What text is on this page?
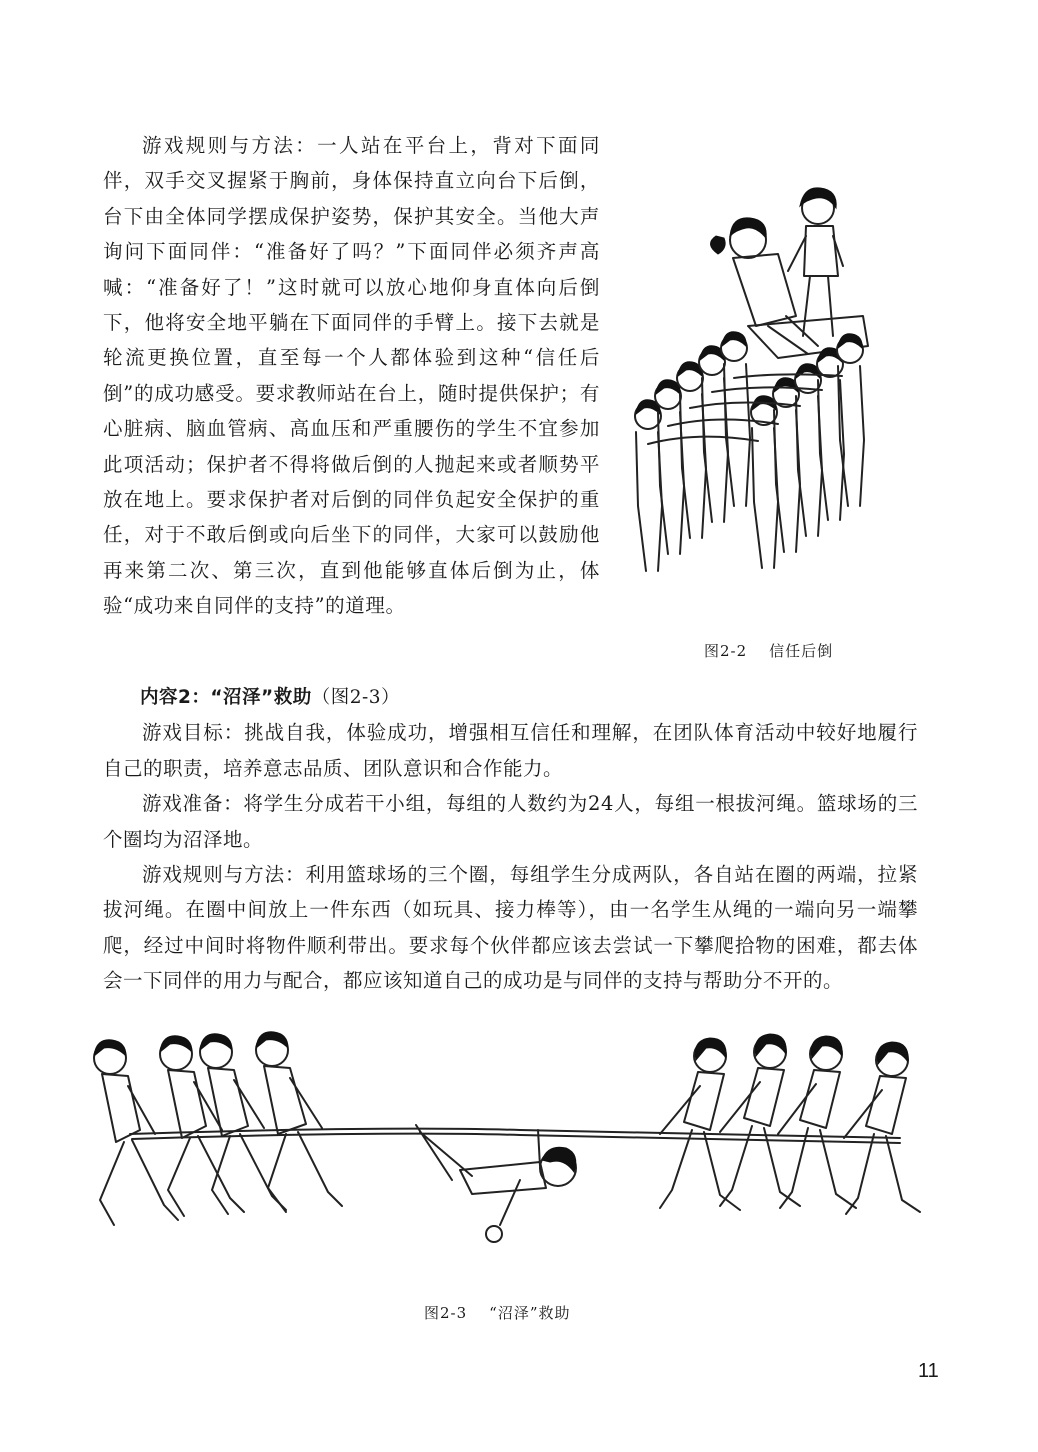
游戏规则与方法：一人站在平台上，背对下面同伴，双手交叉握紧于胸前，身体保持直立向台下后倒，台下由全体同学摆成保护姿势，保护其安全。当他大声询问下面同伴：“准备好了吗？”下面同伴必须齐声高喊：“准备好了！”这时就可以放心地仰身直体向后倒下，他将安全地平躺在下面同伴的手臂上。接下去就是轮流更换位置，直至每一个人都体验到这种“信任后倒”的成功感受。要求教师站在台上，随时提供保护；有心脏病、脑血管病、高血压和严重腰伤的学生不宜参加此项活动；保护者不得将做后倒的人抛起来或者顺势平放在地上。要求保护者对后倒的同伴负起安全保护的重任，对于不敢后倒或向后坐下的同伴，大家可以鼓励他再来第二次、第三次，直到他能够直体后倒为止，体验“成功来自同伴的支持”的道理。

图2-2 信任后倒

内容2：“沼泽”救助（图2-3）

游戏目标：挑战自我，体验成功，增强相互信任和理解，在团队体育活动中较好地履行自己的职责，培养意志品质、团队意识和合作能力。

游戏准备：将学生分成若干小组，每组的人数约为24人，每组一根拔河绳。篮球场的三个圈均为沼泽地。

游戏规则与方法：利用篮球场的三个圈，每组学生分成两队，各自站在圈的两端，拉紧拔河绳。在圈中间放上一件东西（如玩具、接力棒等），由一名学生从绳的一端向另一端攀爬，经过中间时将物件顺利带出。要求每个伙伴都应该去尝试一下攀爬拾物的困难，都去体会一下同伴的用力与配合，都应该知道自己的成功是与同伴的支持与帮助分不开的。

图2-3 “沼泽”救助
11
